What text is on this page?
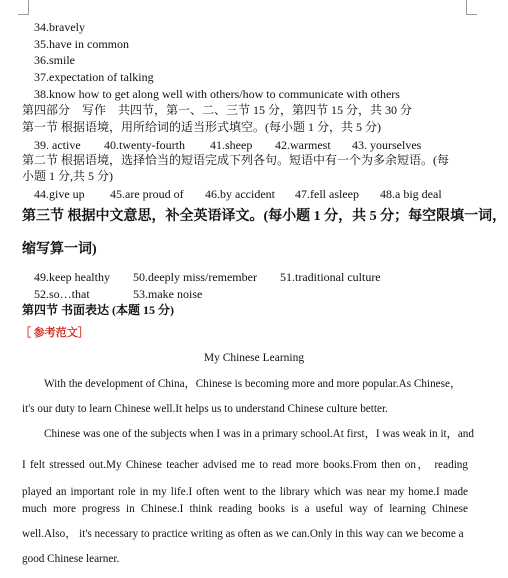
34.bravely
35.have in common
36.smile
37.expectation of talking
38.know how to get along well with others/how to communicate with others
第四部分　写作　共四节，第一、二、三节 15 分，第四节 15 分，共 30 分
第一节 根据语境，用所给词的适当形式填空。(每小题 1 分，共 5 分)
39. active 40.twenty-fourth 41.sheep 42.warmest 43. yourselves
第二节 根据语境，选择恰当的短语完成下列各句。短语中有一个为多余短语。(每
小题 1 分,共 5 分)
44.give up 45.are proud of 46.by accident 47.fell asleep 48.a big deal
第三节 根据中文意思，补全英语译文。(每小题 1 分，共 5 分；每空限填一词，
缩写算一词)
49.keep healthy 50.deeply miss/remember 51.traditional culture
52.so…that	53.make noise
第四节 书面表达 (本题 15 分)
［ 参考范文］
My Chinese Learning
With the development of China，Chinese is becoming more and more popular.As Chinese，
it's our duty to learn Chinese well.It helps us to understand Chinese culture better.
Chinese was one of the subjects when I was in a primary school.At first，I was weak in it，and
I felt stressed out.My Chinese teacher advised me to read more books.From then on， reading
played an important role in my life.I often went to the library which was near my home.I made
much more progress in Chinese.I think reading books is a useful way of learning Chinese
well.Also， it's necessary to practice writing as often as we can.Only in this way can we become a
good Chinese learner.
